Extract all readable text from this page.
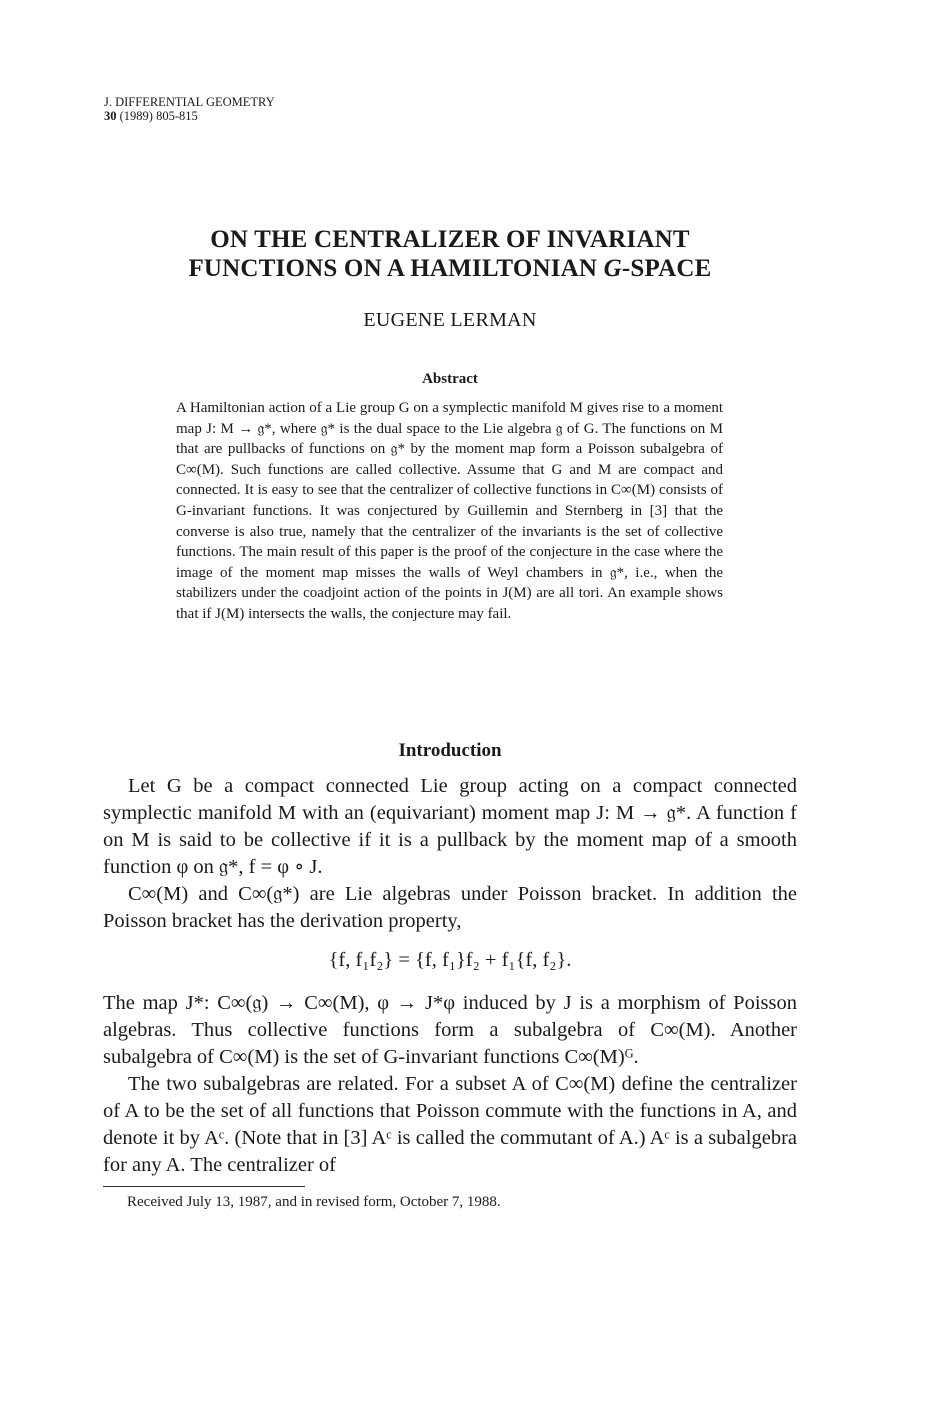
J. DIFFERENTIAL GEOMETRY
30 (1989) 805-815
ON THE CENTRALIZER OF INVARIANT
FUNCTIONS ON A HAMILTONIAN G-SPACE
EUGENE LERMAN
Abstract
A Hamiltonian action of a Lie group G on a symplectic manifold M gives rise to a moment map J: M → 𝔤*, where 𝔤* is the dual space to the Lie algebra 𝔤 of G. The functions on M that are pullbacks of functions on 𝔤* by the moment map form a Poisson subalgebra of C∞(M). Such functions are called collective. Assume that G and M are compact and connected. It is easy to see that the centralizer of collective functions in C∞(M) consists of G-invariant functions. It was conjectured by Guillemin and Sternberg in [3] that the converse is also true, namely that the centralizer of the invariants is the set of collective functions. The main result of this paper is the proof of the conjecture in the case where the image of the moment map misses the walls of Weyl chambers in 𝔤*, i.e., when the stabilizers under the coadjoint action of the points in J(M) are all tori. An example shows that if J(M) intersects the walls, the conjecture may fail.
Introduction

Let G be a compact connected Lie group acting on a compact connected symplectic manifold M with an (equivariant) moment map J: M → 𝔤*. A function f on M is said to be collective if it is a pullback by the moment map of a smooth function φ on 𝔤*, f = φ ∘ J.

C∞(M) and C∞(𝔤*) are Lie algebras under Poisson bracket. In addition the Poisson bracket has the derivation property,

{f, f₁f₂} = {f, f₁}f₂ + f₁{f, f₂}.

The map J*: C∞(𝔤) → C∞(M), φ → J*φ induced by J is a morphism of Poisson algebras. Thus collective functions form a subalgebra of C∞(M). Another subalgebra of C∞(M) is the set of G-invariant functions C∞(M)ᴳ.

The two subalgebras are related. For a subset A of C∞(M) define the centralizer of A to be the set of all functions that Poisson commute with the functions in A, and denote it by Aᶜ. (Note that in [3] Aᶜ is called the commutant of A.) Aᶜ is a subalgebra for any A. The centralizer of

Received July 13, 1987, and in revised form, October 7, 1988.
